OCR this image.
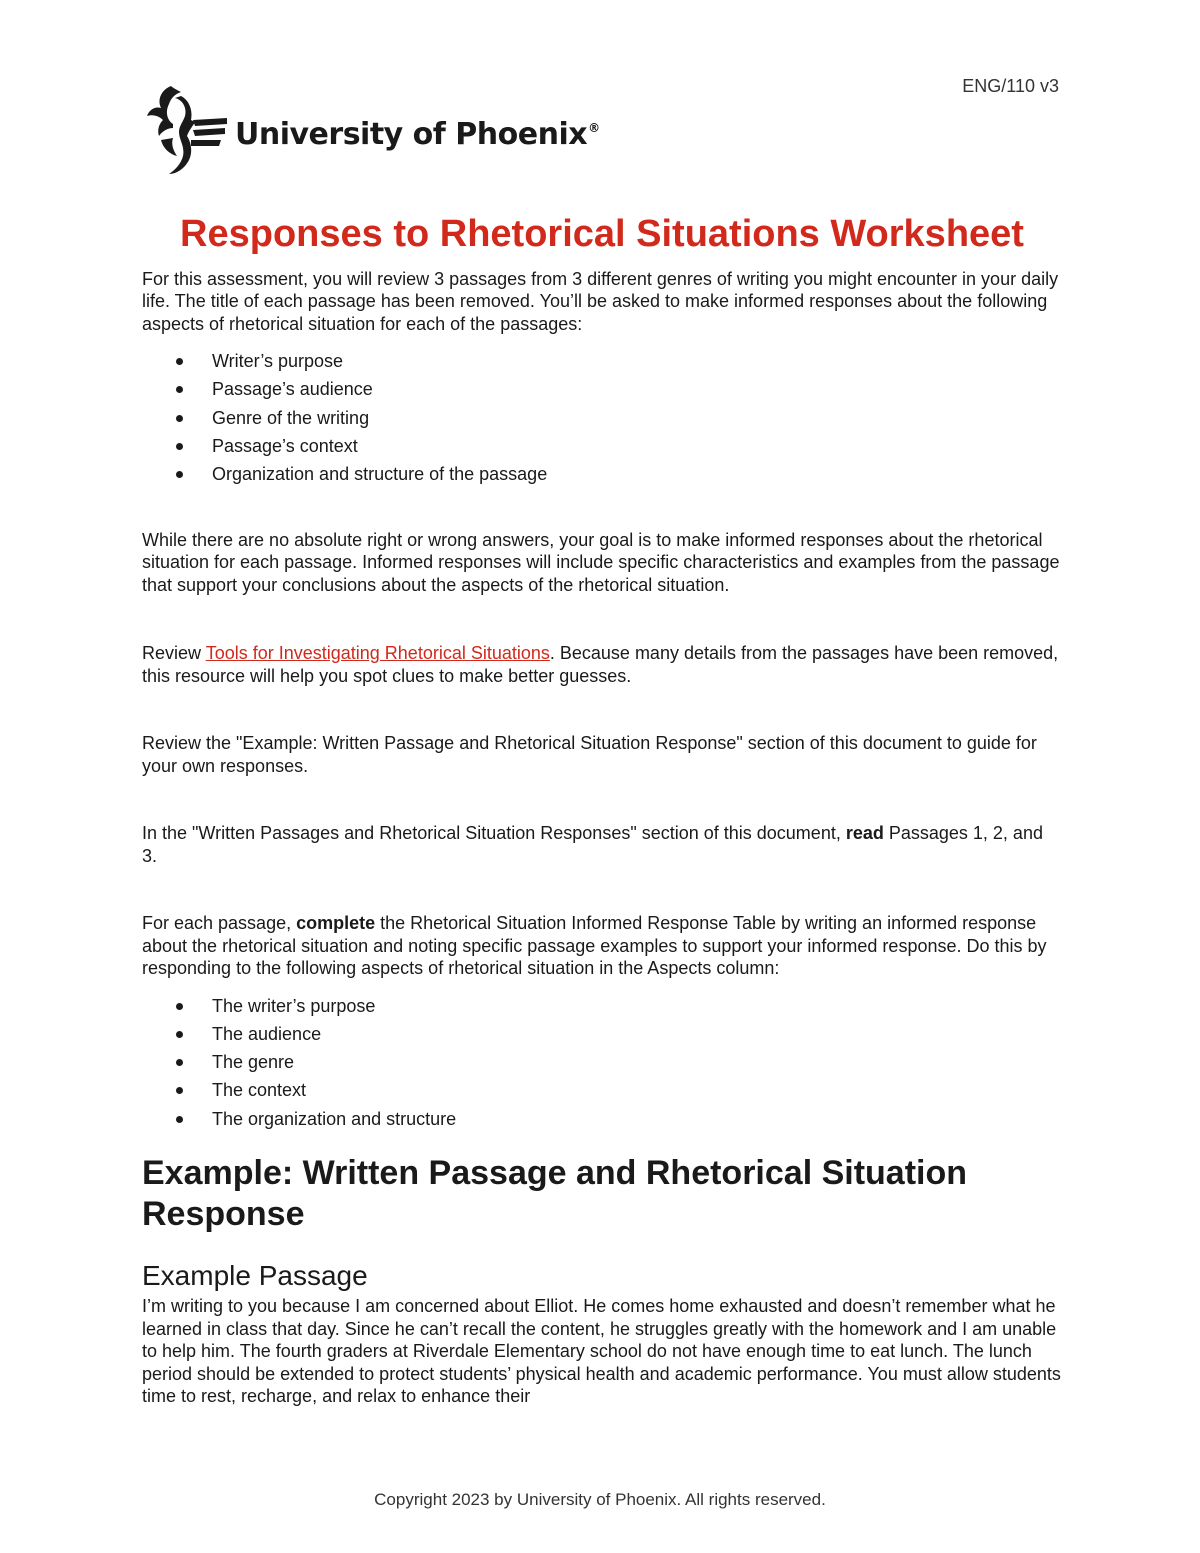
ENG/110 v3
University of Phoenix®
Responses to Rhetorical Situations Worksheet

For this assessment, you will review 3 passages from 3 different genres of writing you might encounter in your daily life. The title of each passage has been removed. You’ll be asked to make informed responses about the following aspects of rhetorical situation for each of the passages:

Writer’s purpose
Passage’s audience
Genre of the writing
Passage’s context
Organization and structure of the passage

While there are no absolute right or wrong answers, your goal is to make informed responses about the rhetorical situation for each passage. Informed responses will include specific characteristics and examples from the passage that support your conclusions about the aspects of the rhetorical situation.

Review Tools for Investigating Rhetorical Situations. Because many details from the passages have been removed, this resource will help you spot clues to make better guesses.

Review the "Example: Written Passage and Rhetorical Situation Response" section of this document to guide for your own responses.

In the "Written Passages and Rhetorical Situation Responses" section of this document, read Passages 1, 2, and 3.

For each passage, complete the Rhetorical Situation Informed Response Table by writing an informed response about the rhetorical situation and noting specific passage examples to support your informed response. Do this by responding to the following aspects of rhetorical situation in the Aspects column:

The writer’s purpose
The audience
The genre
The context
The organization and structure
Example: Written Passage and Rhetorical Situation Response
Example Passage

I’m writing to you because I am concerned about Elliot. He comes home exhausted and doesn’t remember what he learned in class that day. Since he can’t recall the content, he struggles greatly with the homework and I am unable to help him. The fourth graders at Riverdale Elementary school do not have enough time to eat lunch. The lunch period should be extended to protect students’ physical health and academic performance. You must allow students time to rest, recharge, and relax to enhance their

Copyright 2023 by University of Phoenix. All rights reserved.
